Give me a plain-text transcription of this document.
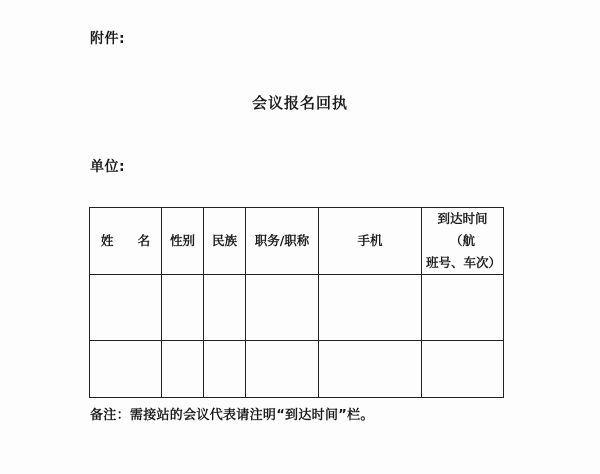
附件:
会议报名回执
单位:
姓 名	性别	民族	职务/职称	手机	到达时间（航
班号、车次）

备注：需接站的会议代表请注明“到达时间”栏。
